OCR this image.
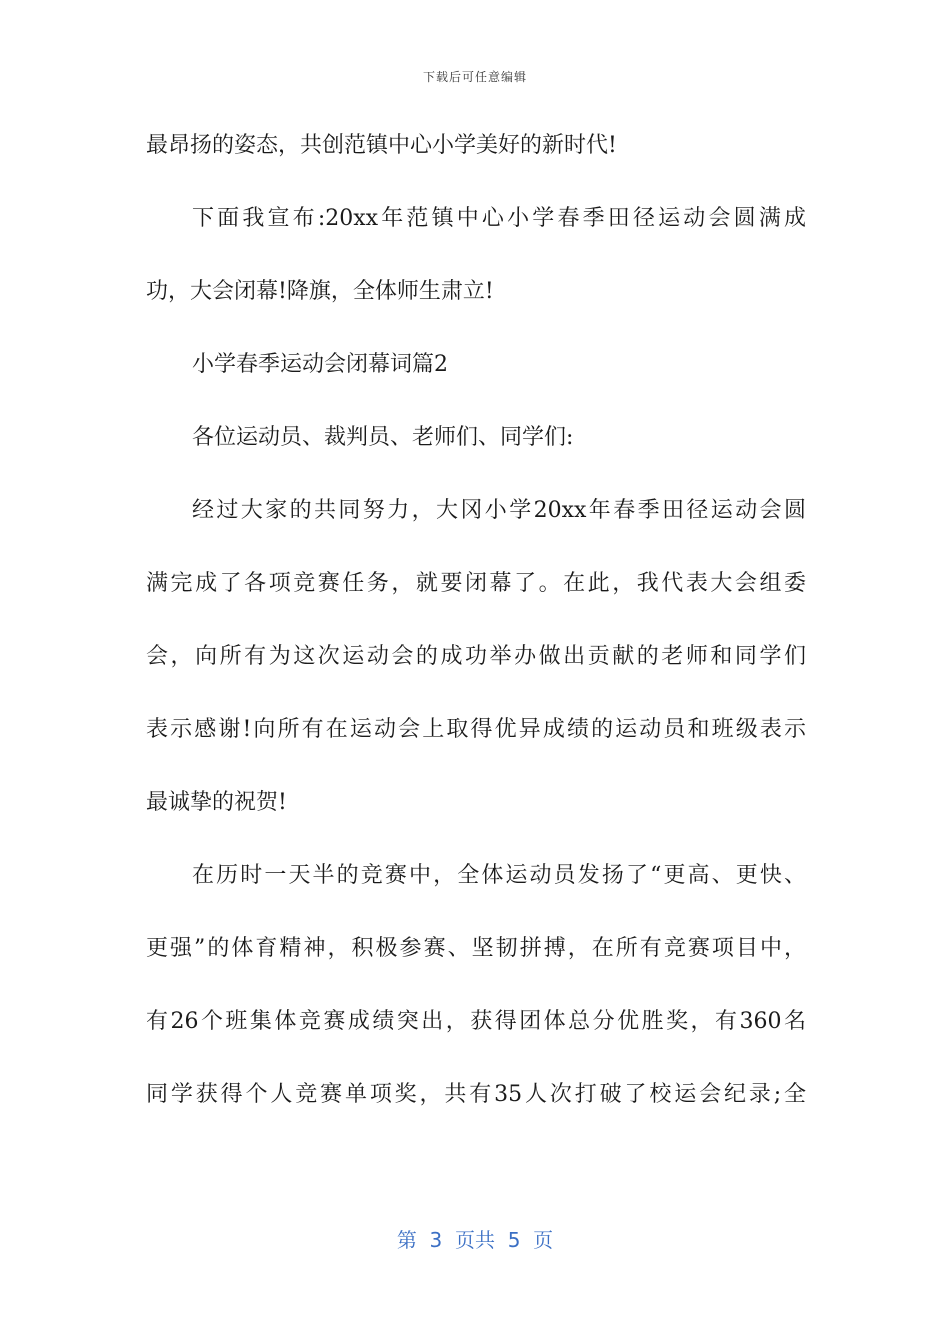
下载后可任意编辑
最昂扬的姿态，共创范镇中心小学美好的新时代!
下面我宣布:20xx年范镇中心小学春季田径运动会圆满成
功，大会闭幕!降旗，全体师生肃立!
小学春季运动会闭幕词篇2
各位运动员、裁判员、老师们、同学们:
经过大家的共同努力，大冈小学20xx年春季田径运动会圆
满完成了各项竞赛任务，就要闭幕了。在此，我代表大会组委
会，向所有为这次运动会的成功举办做出贡献的老师和同学们
表示感谢!向所有在运动会上取得优异成绩的运动员和班级表示
最诚挚的祝贺!
在历时一天半的竞赛中，全体运动员发扬了“更高、更快、
更强”的体育精神，积极参赛、坚韧拼搏，在所有竞赛项目中，
有26个班集体竞赛成绩突出，获得团体总分优胜奖，有360名
同学获得个人竞赛单项奖，共有35人次打破了校运会纪录;全
第  3  页共  5  页
